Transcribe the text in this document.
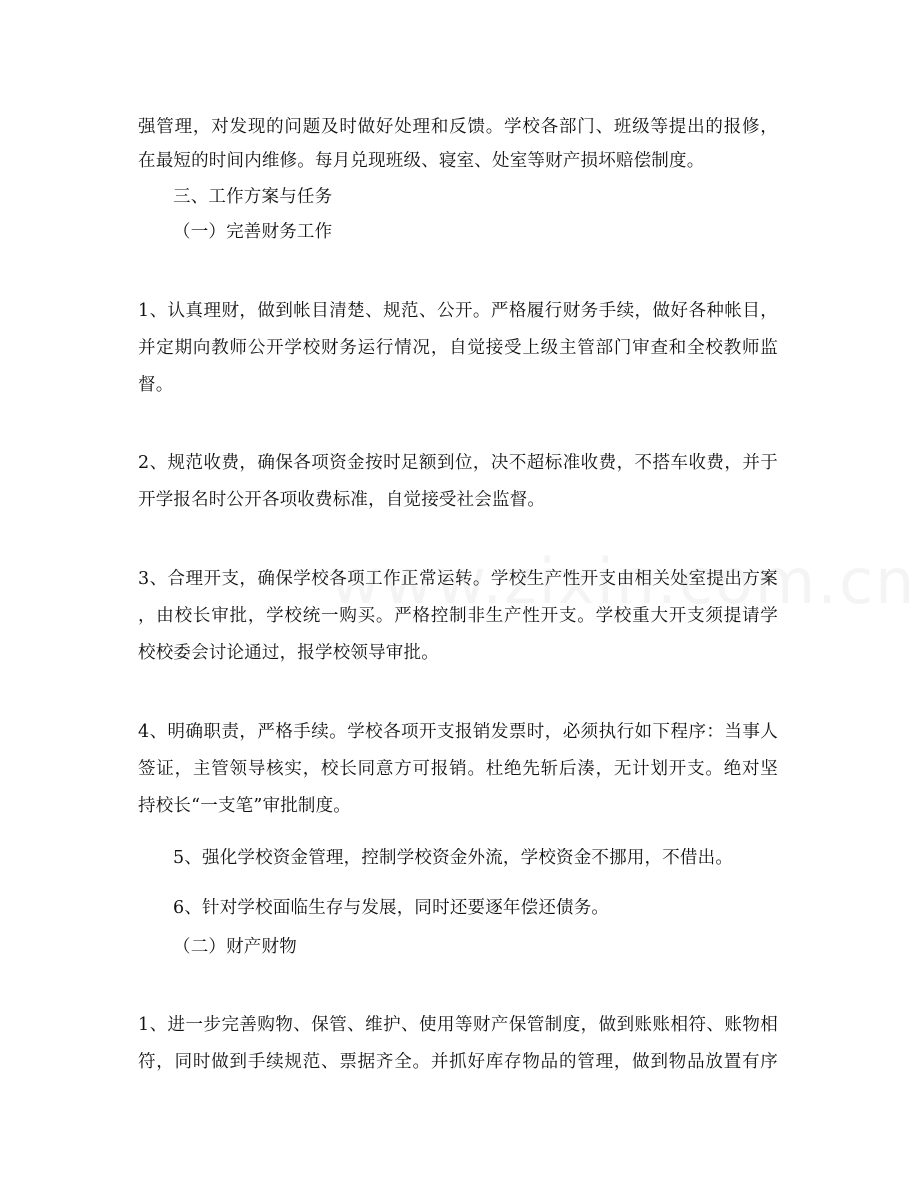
强管理，对发现的问题及时做好处理和反馈。学校各部门、班级等提出的报修，
在最短的时间内维修。每月兑现班级、寝室、处室等财产损坏赔偿制度。
三、工作方案与任务
（一）完善财务工作
1、认真理财，做到帐目清楚、规范、公开。严格履行财务手续，做好各种帐目，
并定期向教师公开学校财务运行情况，自觉接受上级主管部门审查和全校教师监
督。
2、规范收费，确保各项资金按时足额到位，决不超标准收费，不搭车收费，并于
开学报名时公开各项收费标准，自觉接受社会监督。
3、合理开支，确保学校各项工作正常运转。学校生产性开支由相关处室提出方案
，由校长审批，学校统一购买。严格控制非生产性开支。学校重大开支须提请学
校校委会讨论通过，报学校领导审批。
4、明确职责，严格手续。学校各项开支报销发票时，必须执行如下程序：当事人
签证，主管领导核实，校长同意方可报销。杜绝先斩后湊，无计划开支。绝对坚
持校长“一支笔”审批制度。
5、强化学校资金管理，控制学校资金外流，学校资金不挪用，不借出。
6、针对学校面临生存与发展，同时还要逐年偿还债务。
（二）财产财物
1、进一步完善购物、保管、维护、使用等财产保管制度，做到账账相符、账物相
符，同时做到手续规范、票据齐全。并抓好库存物品的管理，做到物品放置有序
